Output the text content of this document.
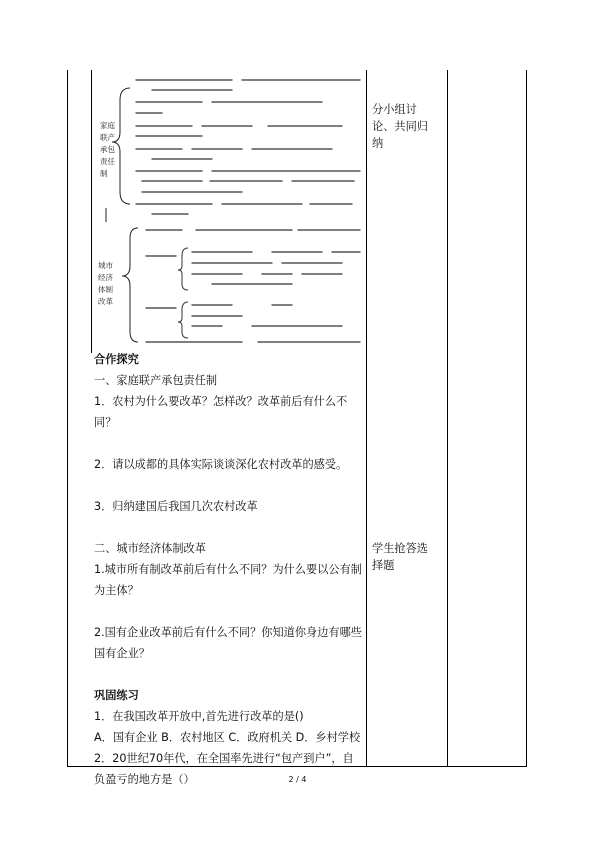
家庭
联产
承包
责任
制
城市
经济
体制
改革
合作探究
一、家庭联产承包责任制
1．农村为什么要改革？怎样改？改革前后有什么不同？
2．请以成都的具体实际谈谈深化农村改革的感受。
3．归纳建国后我国几次农村改革
二、城市经济体制改革
1.城市所有制改革前后有什么不同？为什么要以公有制为主体？
2.国有企业改革前后有什么不同？你知道你身边有哪些国有企业？
巩固练习
1．在我国改革开放中,首先进行改革的是()
A．国有企业 B．农村地区 C．政府机关 D．乡村学校
2．20世纪70年代，在全国率先进行“包产到户”，自负盈亏的地方是（）
分小组讨论、共同归纳
学生抢答选择题
2 / 4
